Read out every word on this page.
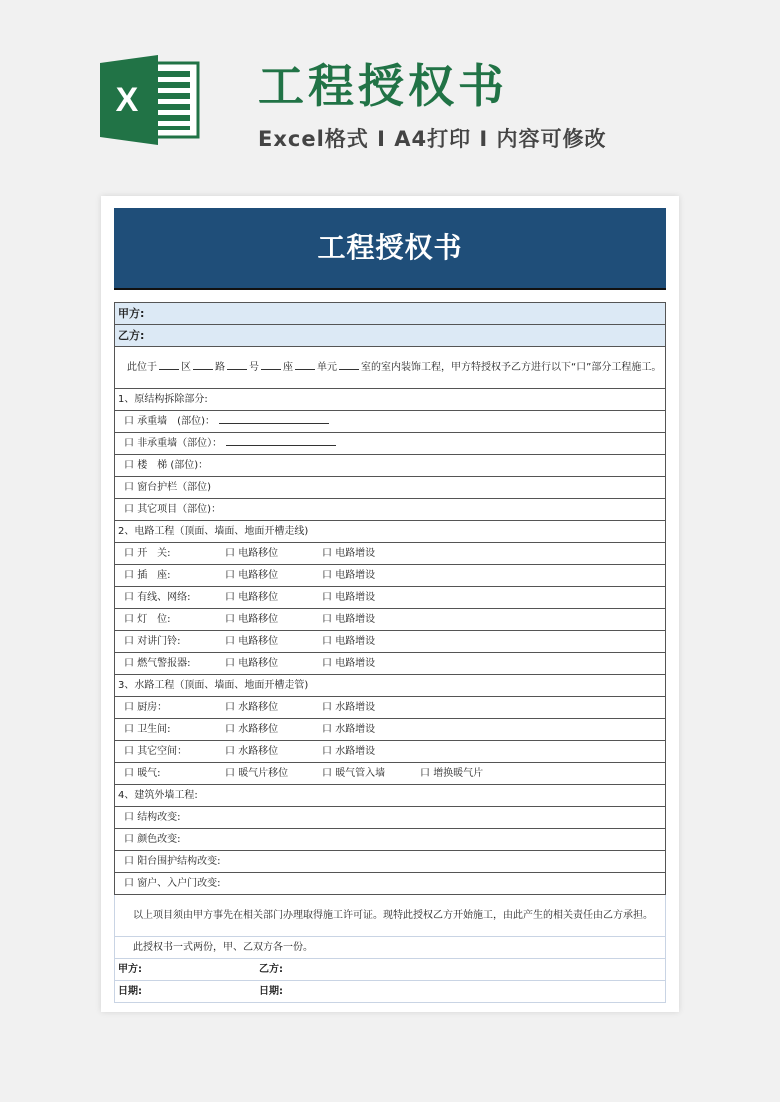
X	工程授权书
Excel格式 I A4打印 I 内容可修改
工程授权书
甲方:
乙方:
此位于 区 路 号 座 单元 室的室内装饰工程，甲方特授权予乙方进行以下“口”部分工程施工。
1、原结构拆除部分:
口 承重墙　(部位)：
口 非承重墙（部位）：
口 楼　梯 (部位)：
口 窗台护栏（部位)
口 其它项目（部位)：
2、电路工程（顶面、墙面、地面开槽走线)
口 开　关:	口 电路移位	口 电路增设
口 插　座:	口 电路移位	口 电路增设
口 有线、网络:	口 电路移位	口 电路增设
口 灯　位:	口 电路移位	口 电路增设
口 对讲门铃:	口 电路移位	口 电路增设
口 燃气警报器:	口 电路移位	口 电路增设
3、水路工程（顶面、墙面、地面开槽走管)
口 厨房：	口 水路移位	口 水路增设
口 卫生间:	口 水路移位	口 水路增设
口 其它空间：	口 水路移位	口 水路增设
口 暖气:	口 暖气片移位	口 暖气管入墙	口 增换暖气片
4、建筑外墙工程:
口 结构改变:
口 颜色改变:
口 阳台围护结构改变:
口 窗户、入户门改变:
以上项目须由甲方事先在相关部门办理取得施工许可证。现特此授权乙方开始施工，由此产生的相关责任由乙方承担。
此授权书一式两份，甲、乙双方各一份。
甲方:	乙方:
日期:	日期:
